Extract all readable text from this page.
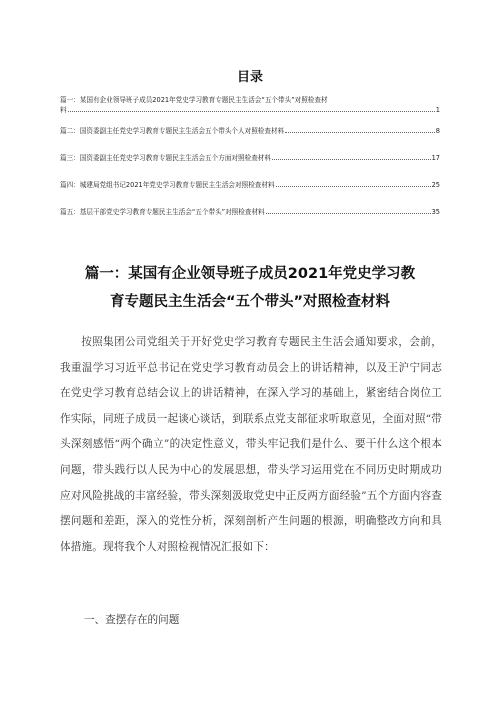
目录
篇一：某国有企业领导班子成员2021年党史学习教育专题民主生活会“五个带头”对照检查材
料	1
篇二：国资委副主任党史学习教育专题民主生活会五个带头个人对照检查材料	8
篇三：国资委副主任党史学习教育专题民主生活会五个方面对照检查材料	17
篇四：城建局党组书记2021年党史学习教育专题民主生活会对照检查材料	25
篇五：基层干部党史学习教育专题民主生活会“五个带头”对照检查材料	35
篇一：某国有企业领导班子成员2021年党史学习教
育专题民主生活会“五个带头”对照检查材料
按照集团公司党组关于开好党史学习教育专题民主生活会通知要求，会前，我重温学习习近平总书记在党史学习教育动员会上的讲话精神，以及王沪宁同志在党史学习教育总结会议上的讲话精神，在深入学习的基础上，紧密结合岗位工作实际，同班子成员一起谈心谈话，到联系点党支部征求听取意见，全面对照“带头深刻感悟“两个确立”的决定性意义，带头牢记我们是什么、要干什么这个根本问题，带头践行以人民为中心的发展思想，带头学习运用党在不同历史时期成功应对风险挑战的丰富经验，带头深刻汲取党史中正反两方面经验”五个方面内容查摆问题和差距，深入的党性分析，深刻剖析产生问题的根源，明确整改方向和具体措施。现将我个人对照检视情况汇报如下：
一、查摆存在的问题
